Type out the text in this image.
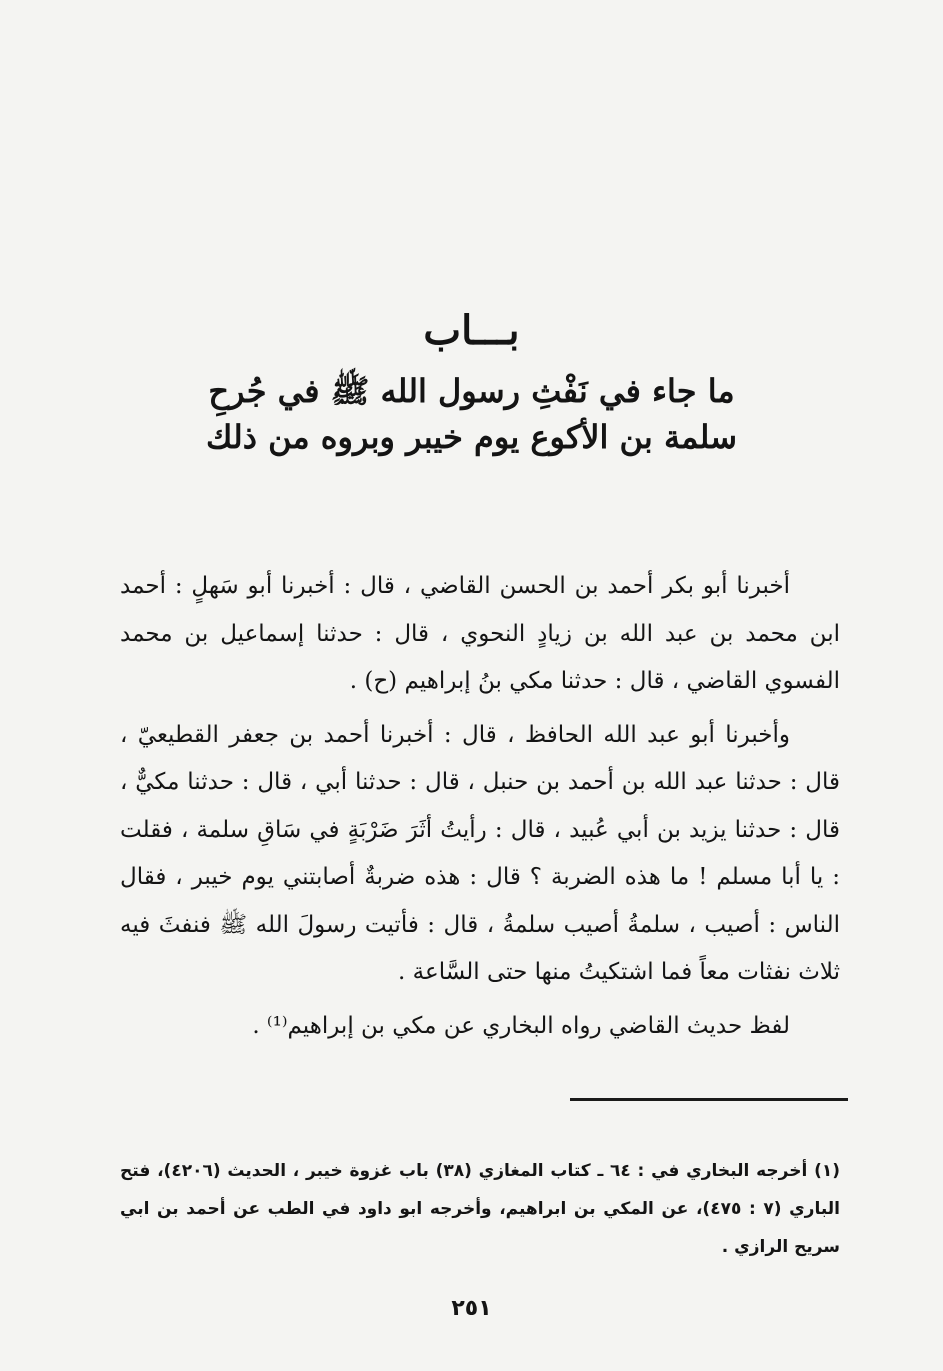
بـــاب
ما جاء في نَفْثِ رسول الله ﷺ في جُرحِ
سلمة بن الأكوع يوم خيبر وبروه من ذلك

أخبرنا أبو بكر أحمد بن الحسن القاضي ، قال : أخبرنا أبو سَهلٍ : أحمد ابن محمد بن عبد الله بن زيادٍ النحوي ، قال : حدثنا إسماعيل بن محمد الفسوي القاضي ، قال : حدثنا مكي بنُ إبراهيم (ح) .

وأخبرنا أبو عبد الله الحافظ ، قال : أخبرنا أحمد بن جعفر القطيعيّ ، قال : حدثنا عبد الله بن أحمد بن حنبل ، قال : حدثنا أبي ، قال : حدثنا مكيٌّ ، قال : حدثنا يزيد بن أبي عُبيد ، قال : رأيتُ أثَرَ ضَرْبَةٍ في سَاقِ سلمة ، فقلت : يا أبا مسلم ! ما هذه الضربة ؟ قال : هذه ضربةٌ أصابتني يوم خيبر ، فقال الناس : أصيب ، سلمةُ أصيب سلمةُ ، قال : فأتيت رسولَ الله ﷺ فنفثَ فيه ثلاث نفثات معاً فما اشتكيتُ منها حتى السَّاعة .

لفظ حديث القاضي رواه البخاري عن مكي بن إبراهيم⁽¹⁾ .

(١) أخرجه البخاري في : ٦٤ ـ كتاب المغازي (٣٨) باب غزوة خيبر ، الحديث (٤٢٠٦)، فتح الباري (٧ : ٤٧٥)، عن المكي بن ابراهيم، وأخرجه ابو داود في الطب عن أحمد بن ابي سريح الرازي .
٢٥١
